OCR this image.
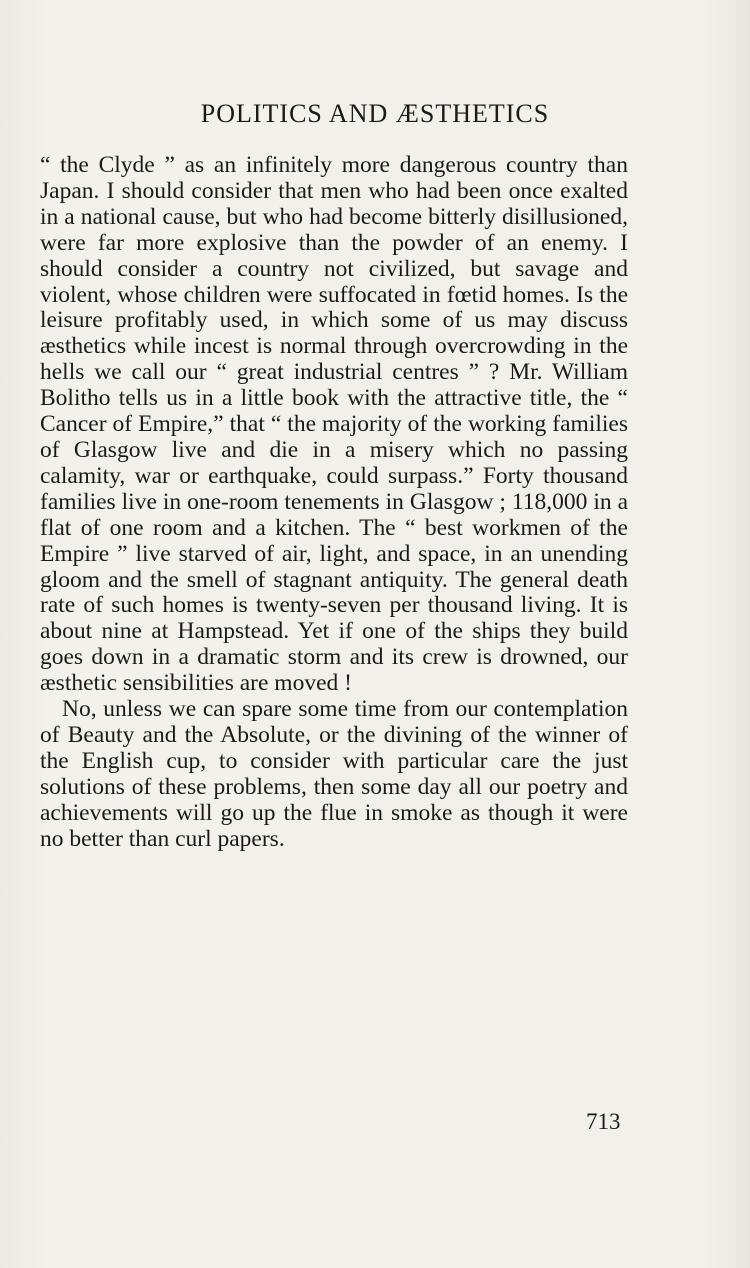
POLITICS AND ÆSTHETICS

“ the Clyde ” as an infinitely more dangerous country than Japan. I should consider that men who had been once exalted in a national cause, but who had become bitterly disillusioned, were far more explosive than the powder of an enemy. I should consider a country not civilized, but savage and violent, whose children were suffocated in fœtid homes. Is the leisure profitably used, in which some of us may discuss æsthetics while incest is normal through overcrowding in the hells we call our “ great industrial centres ” ? Mr. William Bolitho tells us in a little book with the attractive title, the “ Cancer of Empire,” that “ the majority of the working families of Glasgow live and die in a misery which no passing calamity, war or earthquake, could surpass.” Forty thousand families live in one-room tenements in Glasgow ; 118,000 in a flat of one room and a kitchen. The “ best workmen of the Empire ” live starved of air, light, and space, in an unending gloom and the smell of stagnant antiquity. The general death rate of such homes is twenty-seven per thousand living. It is about nine at Hampstead. Yet if one of the ships they build goes down in a dramatic storm and its crew is drowned, our æsthetic sensibilities are moved !

No, unless we can spare some time from our contemplation of Beauty and the Absolute, or the divining of the winner of the English cup, to consider with particular care the just solutions of these problems, then some day all our poetry and achievements will go up the flue in smoke as though it were no better than curl papers.

713
